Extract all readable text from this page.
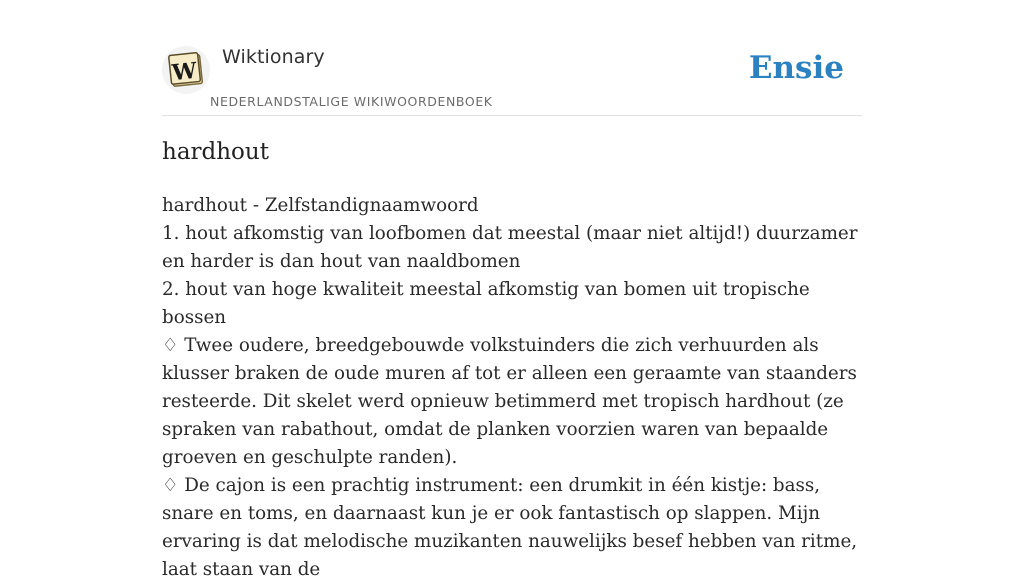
W
Wiktionary
NEDERLANDSTALIGE WIKIWOORDENBOEK
Ensie
hardhout

hardhout - Zelfstandignaamwoord

1. hout afkomstig van loofbomen dat meestal (maar niet altijd!) duurzamer en harder is dan hout van naaldbomen

2. hout van hoge kwaliteit meestal afkomstig van bomen uit tropische bossen

♢ Twee oudere, breedgebouwde volkstuinders die zich verhuurden als klusser braken de oude muren af tot er alleen een geraamte van staanders resteerde. Dit skelet werd opnieuw betimmerd met tropisch hardhout (ze spraken van rabathout, omdat de planken voorzien waren van bepaalde groeven en geschulpte randen).

♢ De cajon is een prachtig instrument: een drumkit in één kistje: bass, snare en toms, en daarnaast kun je er ook fantastisch op slappen. Mijn ervaring is dat melodische muzikanten nauwelijks besef hebben van ritme, laat staan van de
